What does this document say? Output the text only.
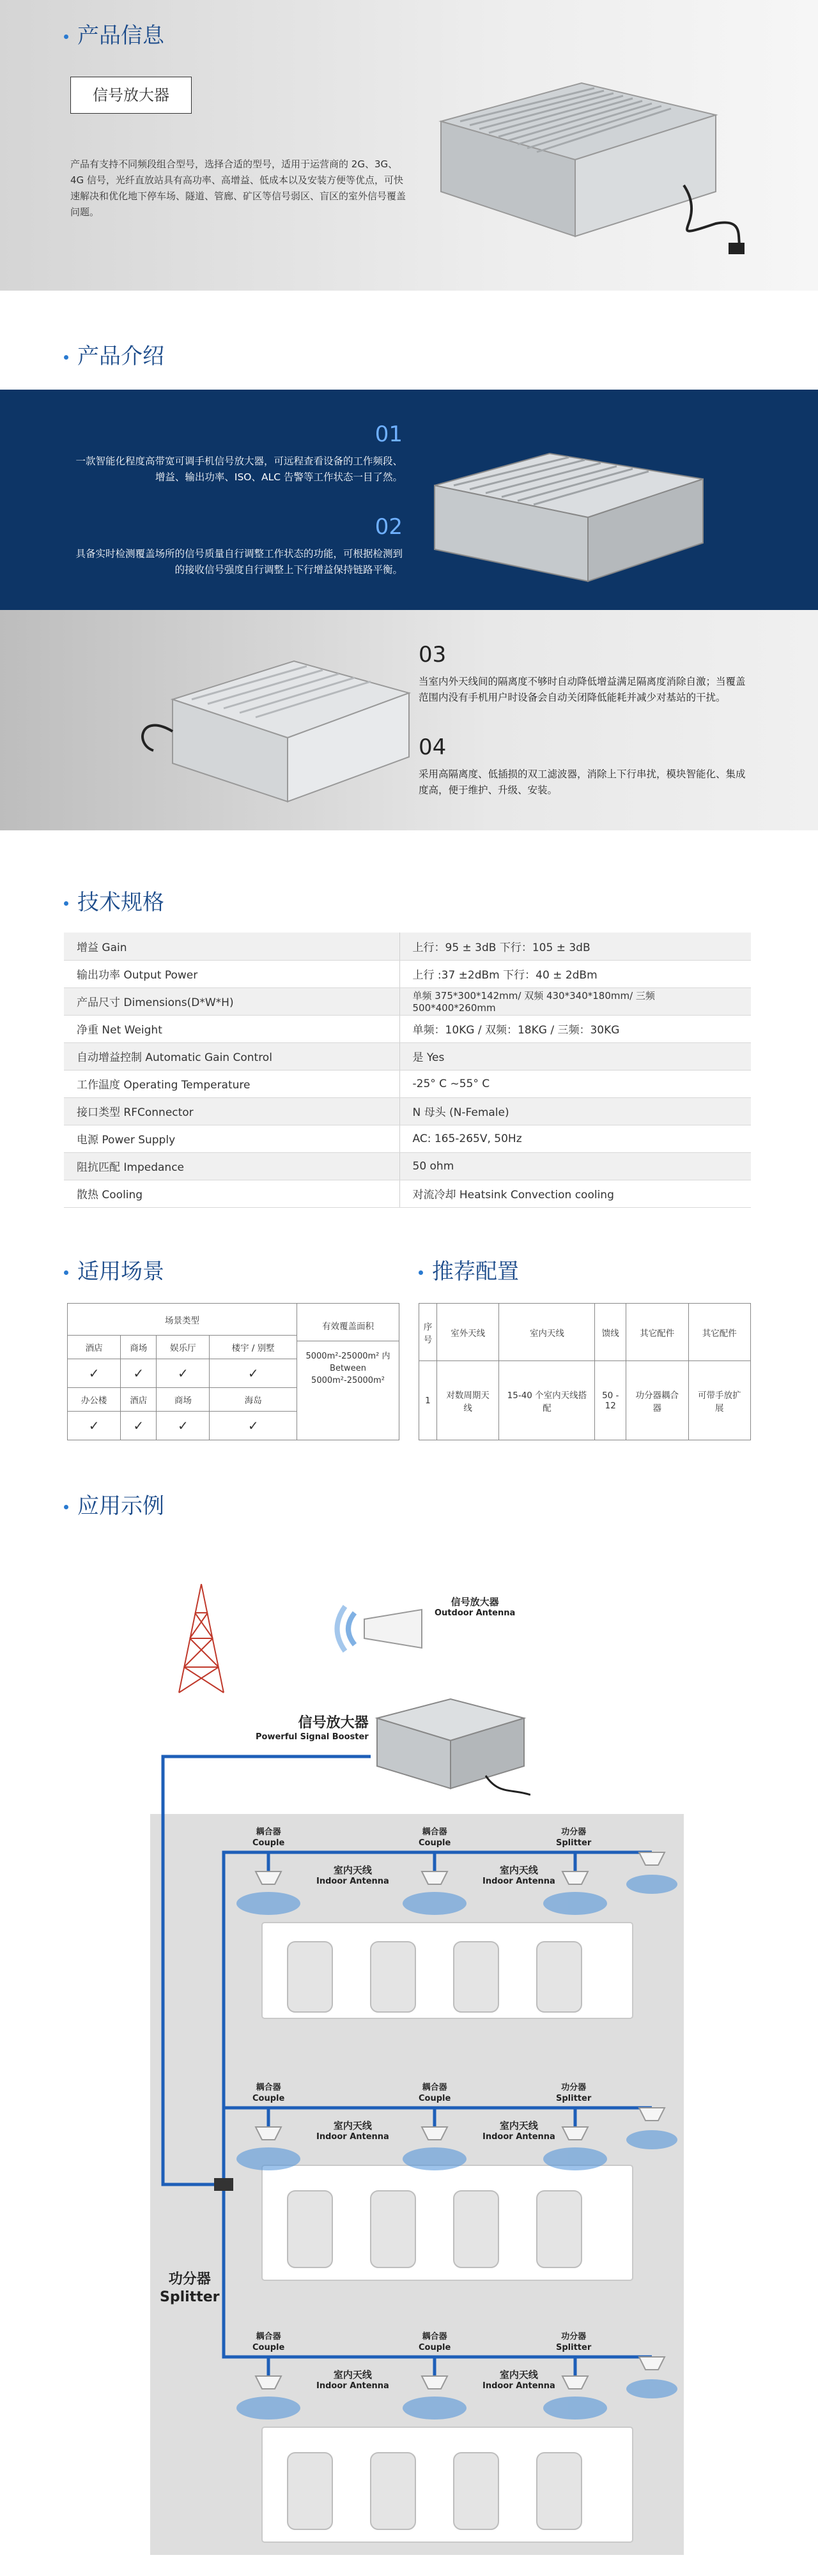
产品信息
信号放大器
产品有支持不同频段组合型号，选择合适的型号，适用于运营商的 2G、3G、4G 信号，光纤直放站具有高功率、高增益、低成本以及安装方便等优点，可快速解决和优化地下停车场、隧道、管廊、矿区等信号弱区、盲区的室外信号覆盖问题。
产品介绍
01
一款智能化程度高带宽可调手机信号放大器，可远程查看设备的工作频段、增益、输出功率、ISO、ALC 告警等工作状态一目了然。
02
具备实时检测覆盖场所的信号质量自行调整工作状态的功能，可根据检测到的接收信号强度自行调整上下行增益保持链路平衡。
03
当室内外天线间的隔离度不够时自动降低增益满足隔离度消除自激；当覆盖范围内没有手机用户时设备会自动关闭降低能耗并减少对基站的干扰。
04
采用高隔离度、低插损的双工滤波器，消除上下行串扰，模块智能化、集成度高，便于维护、升级、安装。
技术规格
增益 Gain	上行：95 ± 3dB 下行：105 ± 3dB
输出功率 Output Power	上行 :37 ±2dBm 下行：40 ± 2dBm
产品尺寸 Dimensions(D*W*H)	单频 375*300*142mm/ 双频 430*340*180mm/ 三频 500*400*260mm
净重 Net Weight	单频：10KG / 双频：18KG / 三频：30KG
自动增益控制 Automatic Gain Control	是 Yes
工作温度 Operating Temperature	-25° C ~55° C
接口类型 RFConnector	N 母头 (N-Female)
电源 Power Supply	AC: 165-265V, 50Hz
阻抗匹配 Impedance	50 ohm
散热 Cooling	对流冷却 Heatsink Convection cooling
适用场景	推荐配置
场景类型				有效覆盖面积
5000m²-25000m² 内 Between 5000m²-25000m²

酒店	商场	娱乐厅	楼宇 / 别墅	
✓	✓	✓	✓	
办公楼	酒店	商场	海岛	
✓	✓	✓	✓	
序号	室外天线	室内天线	馈线	其它配件	其它配件
1	对数周期天线	15-40 个室内天线搭配	50 - 12	功分器耦合器	可带手放扩展
应用示例
信号放大器
Outdoor Antenna
信号放大器
Powerful Signal Booster
耦合器
Couple
耦合器
Couple
功分器
Splitter
室内天线
Indoor Antenna
室内天线
Indoor Antenna
耦合器
Couple
耦合器
Couple
功分器
Splitter
室内天线
Indoor Antenna
室内天线
Indoor Antenna
耦合器
Couple
耦合器
Couple
功分器
Splitter
室内天线
Indoor Antenna
室内天线
Indoor Antenna
功分器
Splitter
